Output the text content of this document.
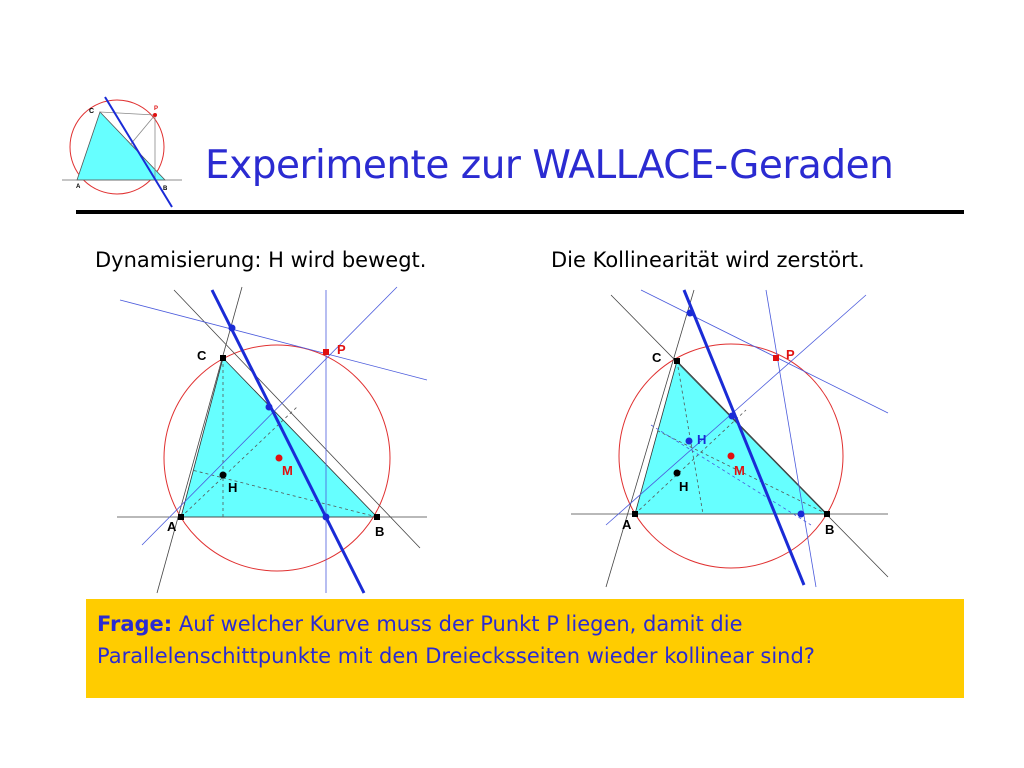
C	P
A	B
Experimente zur WALLACE-Geraden
Dynamisierung: H wird bewegt.	Die Kollinearität wird zerstört.
C	P
H
M
A	B
C	P
H
H
M
A	B
Frage: Auf welcher Kurve muss der Punkt P liegen, damit die
Parallelenschittpunkte mit den Dreiecksseiten wieder kollinear sind?
